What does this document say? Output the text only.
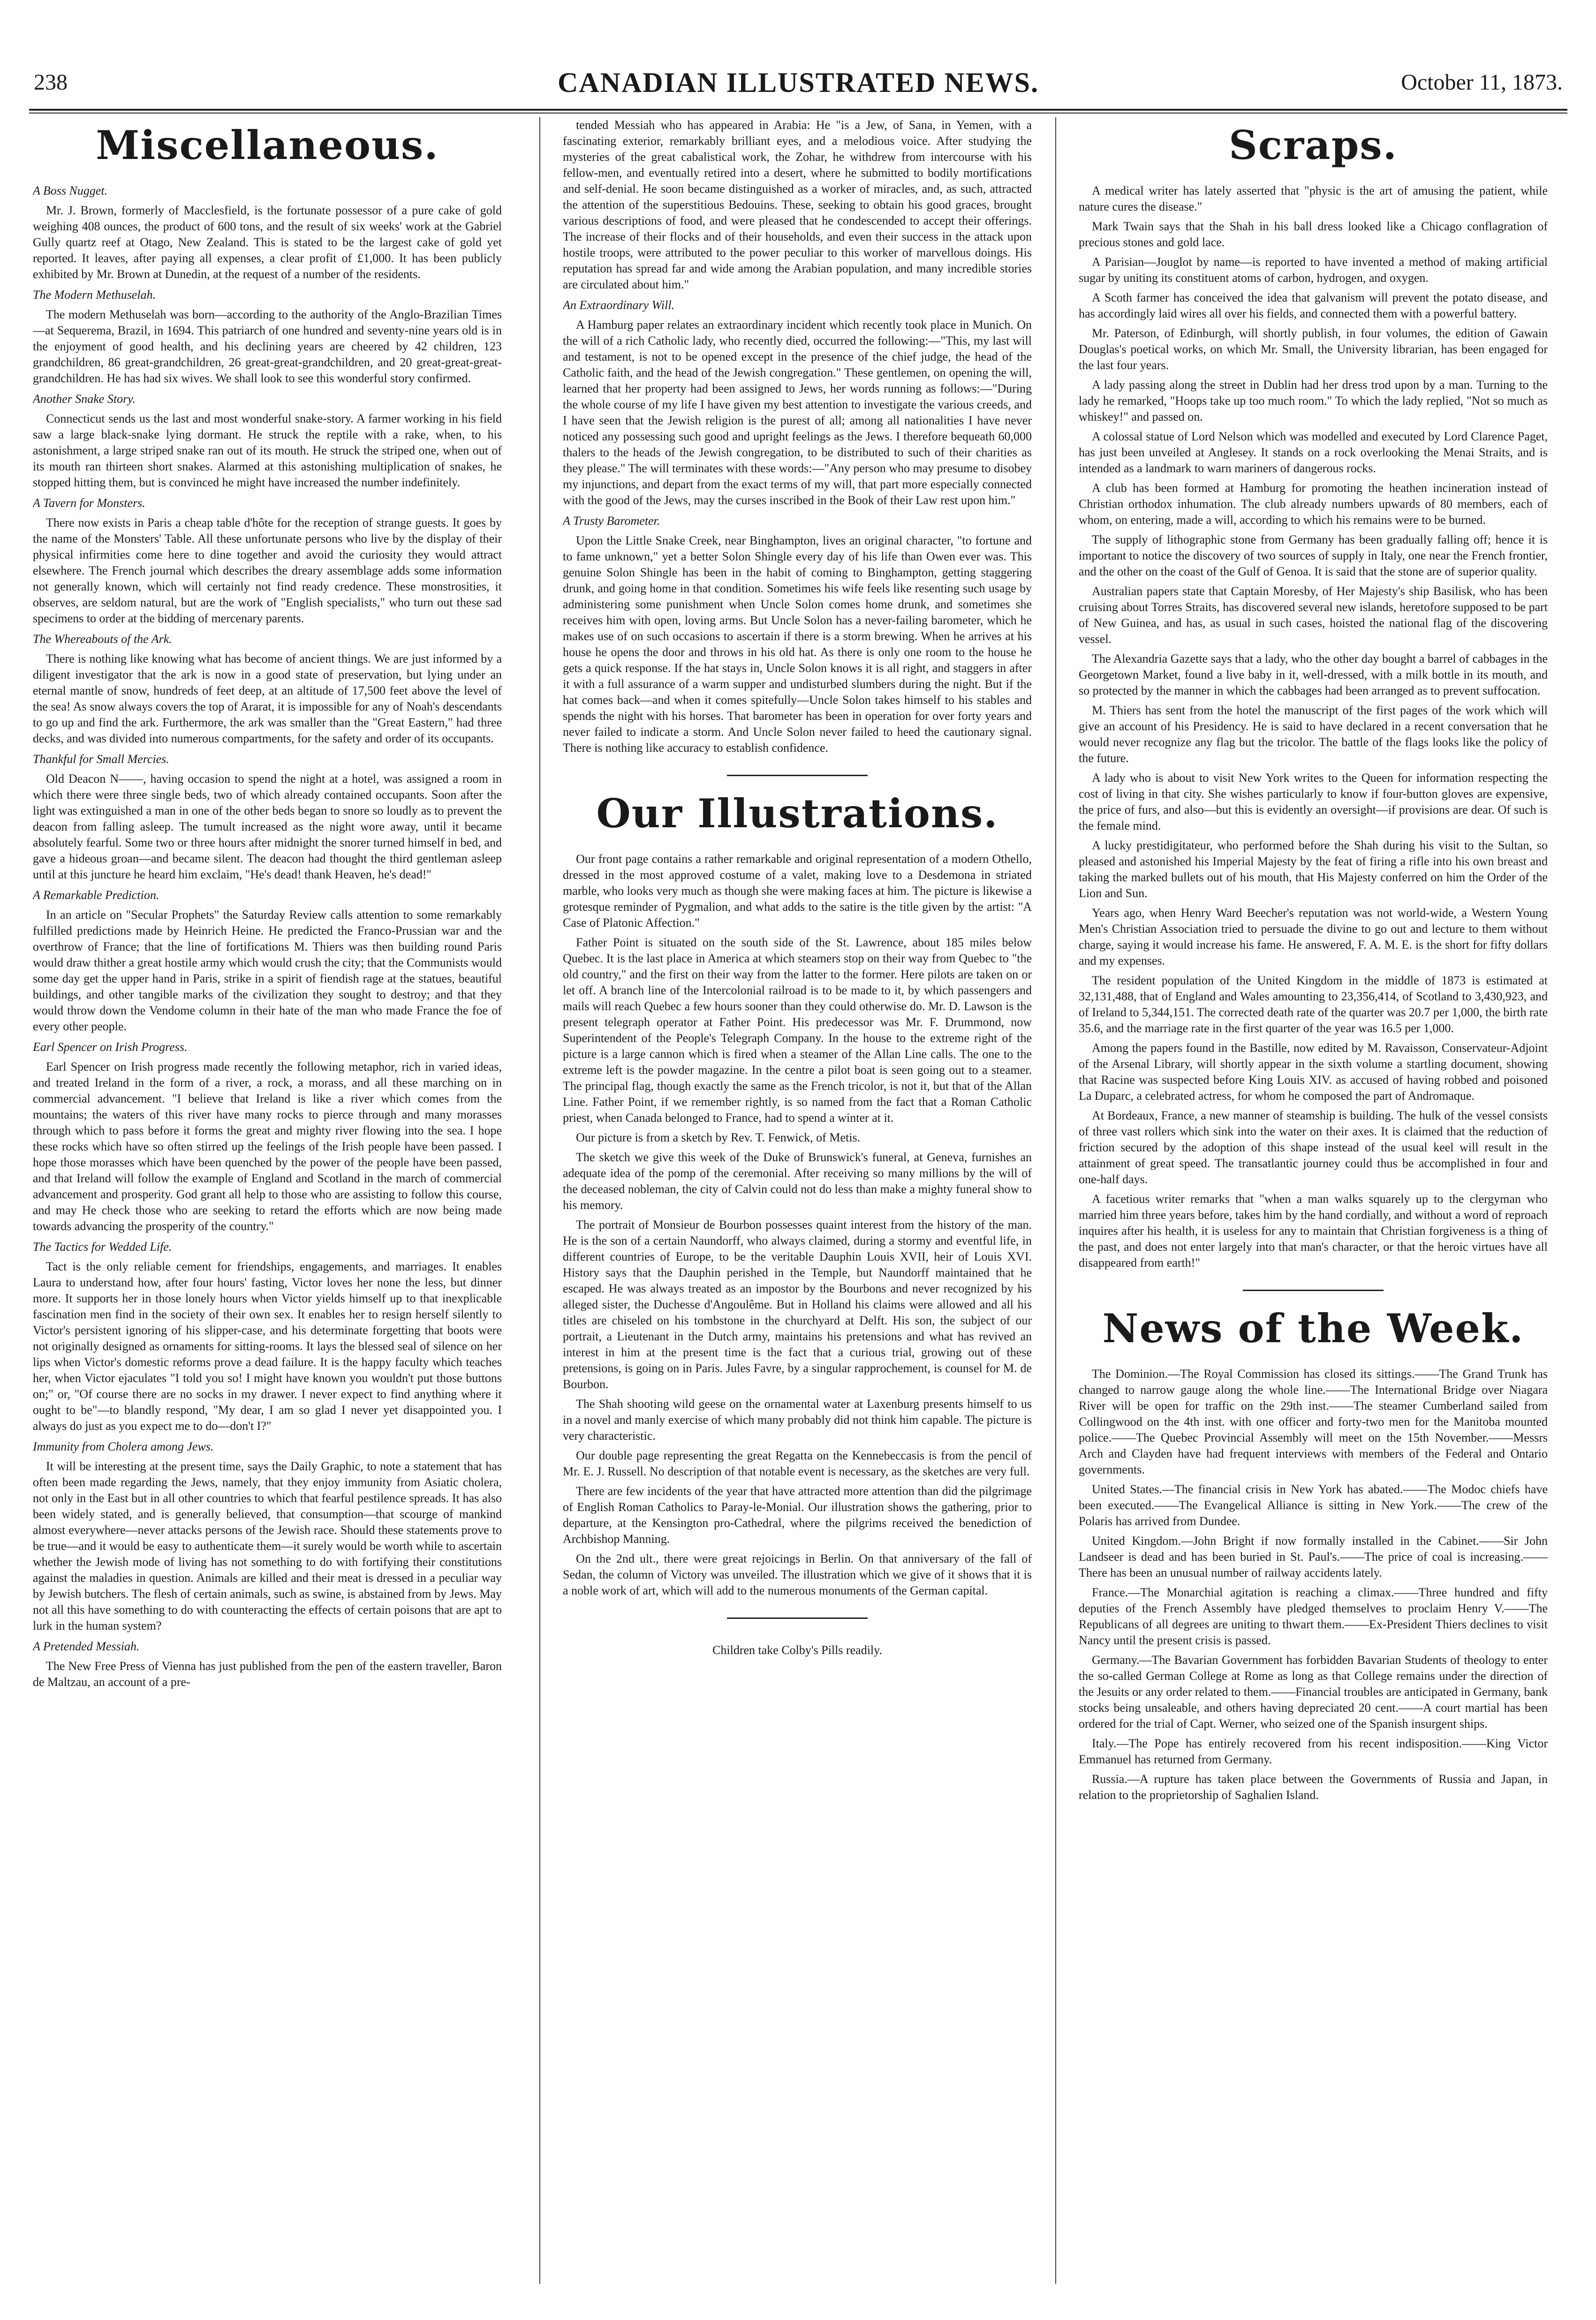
238	CANADIAN ILLUSTRATED NEWS.	October 11, 1873.
Miscellaneous.

A Boss Nugget.

Mr. J. Brown, formerly of Macclesfield, is the fortunate possessor of a pure cake of gold weighing 408 ounces, the product of 600 tons, and the result of six weeks' work at the Gabriel Gully quartz reef at Otago, New Zealand. This is stated to be the largest cake of gold yet reported. It leaves, after paying all expenses, a clear profit of £1,000. It has been publicly exhibited by Mr. Brown at Dunedin, at the request of a number of the residents.

The Modern Methuselah.

The modern Methuselah was born—according to the authority of the Anglo-Brazilian Times—at Sequerema, Brazil, in 1694. This patriarch of one hundred and seventy-nine years old is in the enjoyment of good health, and his declining years are cheered by 42 children, 123 grandchildren, 86 great-grandchildren, 26 great-great-grandchildren, and 20 great-great-great-grandchildren. He has had six wives. We shall look to see this wonderful story confirmed.

Another Snake Story.

Connecticut sends us the last and most wonderful snake-story. A farmer working in his field saw a large black-snake lying dormant. He struck the reptile with a rake, when, to his astonishment, a large striped snake ran out of its mouth. He struck the striped one, when out of its mouth ran thirteen short snakes. Alarmed at this astonishing multiplication of snakes, he stopped hitting them, but is convinced he might have increased the number indefinitely.

A Tavern for Monsters.

There now exists in Paris a cheap table d'hôte for the reception of strange guests. It goes by the name of the Monsters' Table. All these unfortunate persons who live by the display of their physical infirmities come here to dine together and avoid the curiosity they would attract elsewhere. The French journal which describes the dreary assemblage adds some information not generally known, which will certainly not find ready credence. These monstrosities, it observes, are seldom natural, but are the work of "English specialists," who turn out these sad specimens to order at the bidding of mercenary parents.

The Whereabouts of the Ark.

There is nothing like knowing what has become of ancient things. We are just informed by a diligent investigator that the ark is now in a good state of preservation, but lying under an eternal mantle of snow, hundreds of feet deep, at an altitude of 17,500 feet above the level of the sea! As snow always covers the top of Ararat, it is impossible for any of Noah's descendants to go up and find the ark. Furthermore, the ark was smaller than the "Great Eastern," had three decks, and was divided into numerous compartments, for the safety and order of its occupants.

Thankful for Small Mercies.

Old Deacon N——, having occasion to spend the night at a hotel, was assigned a room in which there were three single beds, two of which already contained occupants. Soon after the light was extinguished a man in one of the other beds began to snore so loudly as to prevent the deacon from falling asleep. The tumult increased as the night wore away, until it became absolutely fearful. Some two or three hours after midnight the snorer turned himself in bed, and gave a hideous groan—and became silent. The deacon had thought the third gentleman asleep until at this juncture he heard him exclaim, "He's dead! thank Heaven, he's dead!"

A Remarkable Prediction.

In an article on "Secular Prophets" the Saturday Review calls attention to some remarkably fulfilled predictions made by Heinrich Heine. He predicted the Franco-Prussian war and the overthrow of France; that the line of fortifications M. Thiers was then building round Paris would draw thither a great hostile army which would crush the city; that the Communists would some day get the upper hand in Paris, strike in a spirit of fiendish rage at the statues, beautiful buildings, and other tangible marks of the civilization they sought to destroy; and that they would throw down the Vendome column in their hate of the man who made France the foe of every other people.

Earl Spencer on Irish Progress.

Earl Spencer on Irish progress made recently the following metaphor, rich in varied ideas, and treated Ireland in the form of a river, a rock, a morass, and all these marching on in commercial advancement. "I believe that Ireland is like a river which comes from the mountains; the waters of this river have many rocks to pierce through and many morasses through which to pass before it forms the great and mighty river flowing into the sea. I hope these rocks which have so often stirred up the feelings of the Irish people have been passed. I hope those morasses which have been quenched by the power of the people have been passed, and that Ireland will follow the example of England and Scotland in the march of commercial advancement and prosperity. God grant all help to those who are assisting to follow this course, and may He check those who are seeking to retard the efforts which are now being made towards advancing the prosperity of the country."

The Tactics for Wedded Life.

Tact is the only reliable cement for friendships, engagements, and marriages. It enables Laura to understand how, after four hours' fasting, Victor loves her none the less, but dinner more. It supports her in those lonely hours when Victor yields himself up to that inexplicable fascination men find in the society of their own sex. It enables her to resign herself silently to Victor's persistent ignoring of his slipper-case, and his determinate forgetting that boots were not originally designed as ornaments for sitting-rooms. It lays the blessed seal of silence on her lips when Victor's domestic reforms prove a dead failure. It is the happy faculty which teaches her, when Victor ejaculates "I told you so! I might have known you wouldn't put those buttons on;" or, "Of course there are no socks in my drawer. I never expect to find anything where it ought to be"—to blandly respond, "My dear, I am so glad I never yet disappointed you. I always do just as you expect me to do—don't I?"

Immunity from Cholera among Jews.

It will be interesting at the present time, says the Daily Graphic, to note a statement that has often been made regarding the Jews, namely, that they enjoy immunity from Asiatic cholera, not only in the East but in all other countries to which that fearful pestilence spreads. It has also been widely stated, and is generally believed, that consumption—that scourge of mankind almost everywhere—never attacks persons of the Jewish race. Should these statements prove to be true—and it would be easy to authenticate them—it surely would be worth while to ascertain whether the Jewish mode of living has not something to do with fortifying their constitutions against the maladies in question. Animals are killed and their meat is dressed in a peculiar way by Jewish butchers. The flesh of certain animals, such as swine, is abstained from by Jews. May not all this have something to do with counteracting the effects of certain poisons that are apt to lurk in the human system?

A Pretended Messiah.

The New Free Press of Vienna has just published from the pen of the eastern traveller, Baron de Maltzau, an account of a pre-

tended Messiah who has appeared in Arabia: He "is a Jew, of Sana, in Yemen, with a fascinating exterior, remarkably brilliant eyes, and a melodious voice. After studying the mysteries of the great cabalistical work, the Zohar, he withdrew from intercourse with his fellow-men, and eventually retired into a desert, where he submitted to bodily mortifications and self-denial. He soon became distinguished as a worker of miracles, and, as such, attracted the attention of the superstitious Bedouins. These, seeking to obtain his good graces, brought various descriptions of food, and were pleased that he condescended to accept their offerings. The increase of their flocks and of their households, and even their success in the attack upon hostile troops, were attributed to the power peculiar to this worker of marvellous doings. His reputation has spread far and wide among the Arabian population, and many incredible stories are circulated about him."

An Extraordinary Will.

A Hamburg paper relates an extraordinary incident which recently took place in Munich. On the will of a rich Catholic lady, who recently died, occurred the following:—"This, my last will and testament, is not to be opened except in the presence of the chief judge, the head of the Catholic faith, and the head of the Jewish congregation." These gentlemen, on opening the will, learned that her property had been assigned to Jews, her words running as follows:—"During the whole course of my life I have given my best attention to investigate the various creeds, and I have seen that the Jewish religion is the purest of all; among all nationalities I have never noticed any possessing such good and upright feelings as the Jews. I therefore bequeath 60,000 thalers to the heads of the Jewish congregation, to be distributed to such of their charities as they please." The will terminates with these words:—"Any person who may presume to disobey my injunctions, and depart from the exact terms of my will, that part more especially connected with the good of the Jews, may the curses inscribed in the Book of their Law rest upon him."

A Trusty Barometer.

Upon the Little Snake Creek, near Binghampton, lives an original character, "to fortune and to fame unknown," yet a better Solon Shingle every day of his life than Owen ever was. This genuine Solon Shingle has been in the habit of coming to Binghampton, getting staggering drunk, and going home in that condition. Sometimes his wife feels like resenting such usage by administering some punishment when Uncle Solon comes home drunk, and sometimes she receives him with open, loving arms. But Uncle Solon has a never-failing barometer, which he makes use of on such occasions to ascertain if there is a storm brewing. When he arrives at his house he opens the door and throws in his old hat. As there is only one room to the house he gets a quick response. If the hat stays in, Uncle Solon knows it is all right, and staggers in after it with a full assurance of a warm supper and undisturbed slumbers during the night. But if the hat comes back—and when it comes spitefully—Uncle Solon takes himself to his stables and spends the night with his horses. That barometer has been in operation for over forty years and never failed to indicate a storm. And Uncle Solon never failed to heed the cautionary signal. There is nothing like accuracy to establish confidence.

Our Illustrations.

Our front page contains a rather remarkable and original representation of a modern Othello, dressed in the most approved costume of a valet, making love to a Desdemona in striated marble, who looks very much as though she were making faces at him. The picture is likewise a grotesque reminder of Pygmalion, and what adds to the satire is the title given by the artist: "A Case of Platonic Affection."

Father Point is situated on the south side of the St. Lawrence, about 185 miles below Quebec. It is the last place in America at which steamers stop on their way from Quebec to "the old country," and the first on their way from the latter to the former. Here pilots are taken on or let off. A branch line of the Intercolonial railroad is to be made to it, by which passengers and mails will reach Quebec a few hours sooner than they could otherwise do. Mr. D. Lawson is the present telegraph operator at Father Point. His predecessor was Mr. F. Drummond, now Superintendent of the People's Telegraph Company. In the house to the extreme right of the picture is a large cannon which is fired when a steamer of the Allan Line calls. The one to the extreme left is the powder magazine. In the centre a pilot boat is seen going out to a steamer. The principal flag, though exactly the same as the French tricolor, is not it, but that of the Allan Line. Father Point, if we remember rightly, is so named from the fact that a Roman Catholic priest, when Canada belonged to France, had to spend a winter at it.

Our picture is from a sketch by Rev. T. Fenwick, of Metis.

The sketch we give this week of the Duke of Brunswick's funeral, at Geneva, furnishes an adequate idea of the pomp of the ceremonial. After receiving so many millions by the will of the deceased nobleman, the city of Calvin could not do less than make a mighty funeral show to his memory.

The portrait of Monsieur de Bourbon possesses quaint interest from the history of the man. He is the son of a certain Naundorff, who always claimed, during a stormy and eventful life, in different countries of Europe, to be the veritable Dauphin Louis XVII, heir of Louis XVI. History says that the Dauphin perished in the Temple, but Naundorff maintained that he escaped. He was always treated as an impostor by the Bourbons and never recognized by his alleged sister, the Duchesse d'Angoulême. But in Holland his claims were allowed and all his titles are chiseled on his tombstone in the churchyard at Delft. His son, the subject of our portrait, a Lieutenant in the Dutch army, maintains his pretensions and what has revived an interest in him at the present time is the fact that a curious trial, growing out of these pretensions, is going on in Paris. Jules Favre, by a singular rapprochement, is counsel for M. de Bourbon.

The Shah shooting wild geese on the ornamental water at Laxenburg presents himself to us in a novel and manly exercise of which many probably did not think him capable. The picture is very characteristic.

Our double page representing the great Regatta on the Kennebeccasis is from the pencil of Mr. E. J. Russell. No description of that notable event is necessary, as the sketches are very full.

There are few incidents of the year that have attracted more attention than did the pilgrimage of English Roman Catholics to Paray-le-Monial. Our illustration shows the gathering, prior to departure, at the Kensington pro-Cathedral, where the pilgrims received the benediction of Archbishop Manning.

On the 2nd ult., there were great rejoicings in Berlin. On that anniversary of the fall of Sedan, the column of Victory was unveiled. The illustration which we give of it shows that it is a noble work of art, which will add to the numerous monuments of the German capital.

Children take Colby's Pills readily.
Scraps.

A medical writer has lately asserted that "physic is the art of amusing the patient, while nature cures the disease."

Mark Twain says that the Shah in his ball dress looked like a Chicago conflagration of precious stones and gold lace.

A Parisian—Jouglot by name—is reported to have invented a method of making artificial sugar by uniting its constituent atoms of carbon, hydrogen, and oxygen.

A Scoth farmer has conceived the idea that galvanism will prevent the potato disease, and has accordingly laid wires all over his fields, and connected them with a powerful battery.

Mr. Paterson, of Edinburgh, will shortly publish, in four volumes, the edition of Gawain Douglas's poetical works, on which Mr. Small, the University librarian, has been engaged for the last four years.

A lady passing along the street in Dublin had her dress trod upon by a man. Turning to the lady he remarked, "Hoops take up too much room." To which the lady replied, "Not so much as whiskey!" and passed on.

A colossal statue of Lord Nelson which was modelled and executed by Lord Clarence Paget, has just been unveiled at Anglesey. It stands on a rock overlooking the Menai Straits, and is intended as a landmark to warn mariners of dangerous rocks.

A club has been formed at Hamburg for promoting the heathen incineration instead of Christian orthodox inhumation. The club already numbers upwards of 80 members, each of whom, on entering, made a will, according to which his remains were to be burned.

The supply of lithographic stone from Germany has been gradually falling off; hence it is important to notice the discovery of two sources of supply in Italy, one near the French frontier, and the other on the coast of the Gulf of Genoa. It is said that the stone are of superior quality.

Australian papers state that Captain Moresby, of Her Majesty's ship Basilisk, who has been cruising about Torres Straits, has discovered several new islands, heretofore supposed to be part of New Guinea, and has, as usual in such cases, hoisted the national flag of the discovering vessel.

The Alexandria Gazette says that a lady, who the other day bought a barrel of cabbages in the Georgetown Market, found a live baby in it, well-dressed, with a milk bottle in its mouth, and so protected by the manner in which the cabbages had been arranged as to prevent suffocation.

M. Thiers has sent from the hotel the manuscript of the first pages of the work which will give an account of his Presidency. He is said to have declared in a recent conversation that he would never recognize any flag but the tricolor. The battle of the flags looks like the policy of the future.

A lady who is about to visit New York writes to the Queen for information respecting the cost of living in that city. She wishes particularly to know if four-button gloves are expensive, the price of furs, and also—but this is evidently an oversight—if provisions are dear. Of such is the female mind.

A lucky prestidigitateur, who performed before the Shah during his visit to the Sultan, so pleased and astonished his Imperial Majesty by the feat of firing a rifle into his own breast and taking the marked bullets out of his mouth, that His Majesty conferred on him the Order of the Lion and Sun.

Years ago, when Henry Ward Beecher's reputation was not world-wide, a Western Young Men's Christian Association tried to persuade the divine to go out and lecture to them without charge, saying it would increase his fame. He answered, F. A. M. E. is the short for fifty dollars and my expenses.

The resident population of the United Kingdom in the middle of 1873 is estimated at 32,131,488, that of England and Wales amounting to 23,356,414, of Scotland to 3,430,923, and of Ireland to 5,344,151. The corrected death rate of the quarter was 20.7 per 1,000, the birth rate 35.6, and the marriage rate in the first quarter of the year was 16.5 per 1,000.

Among the papers found in the Bastille, now edited by M. Ravaisson, Conservateur-Adjoint of the Arsenal Library, will shortly appear in the sixth volume a startling document, showing that Racine was suspected before King Louis XIV. as accused of having robbed and poisoned La Duparc, a celebrated actress, for whom he composed the part of Andromaque.

At Bordeaux, France, a new manner of steamship is building. The hulk of the vessel consists of three vast rollers which sink into the water on their axes. It is claimed that the reduction of friction secured by the adoption of this shape instead of the usual keel will result in the attainment of great speed. The transatlantic journey could thus be accomplished in four and one-half days.

A facetious writer remarks that "when a man walks squarely up to the clergyman who married him three years before, takes him by the hand cordially, and without a word of reproach inquires after his health, it is useless for any to maintain that Christian forgiveness is a thing of the past, and does not enter largely into that man's character, or that the heroic virtues have all disappeared from earth!"

News of the Week.

The Dominion.—The Royal Commission has closed its sittings.——The Grand Trunk has changed to narrow gauge along the whole line.——The International Bridge over Niagara River will be open for traffic on the 29th inst.——The steamer Cumberland sailed from Collingwood on the 4th inst. with one officer and forty-two men for the Manitoba mounted police.——The Quebec Provincial Assembly will meet on the 15th November.——Messrs Arch and Clayden have had frequent interviews with members of the Federal and Ontario governments.

United States.—The financial crisis in New York has abated.——The Modoc chiefs have been executed.——The Evangelical Alliance is sitting in New York.——The crew of the Polaris has arrived from Dundee.

United Kingdom.—John Bright if now formally installed in the Cabinet.——Sir John Landseer is dead and has been buried in St. Paul's.——The price of coal is increasing.——There has been an unusual number of railway accidents lately.

France.—The Monarchial agitation is reaching a climax.——Three hundred and fifty deputies of the French Assembly have pledged themselves to proclaim Henry V.——The Republicans of all degrees are uniting to thwart them.——Ex-President Thiers declines to visit Nancy until the present crisis is passed.

Germany.—The Bavarian Government has forbidden Bavarian Students of theology to enter the so-called German College at Rome as long as that College remains under the direction of the Jesuits or any order related to them.——Financial troubles are anticipated in Germany, bank stocks being unsaleable, and others having depreciated 20 cent.——A court martial has been ordered for the trial of Capt. Werner, who seized one of the Spanish insurgent ships.

Italy.—The Pope has entirely recovered from his recent indisposition.——King Victor Emmanuel has returned from Germany.

Russia.—A rupture has taken place between the Governments of Russia and Japan, in relation to the proprietorship of Saghalien Island.
